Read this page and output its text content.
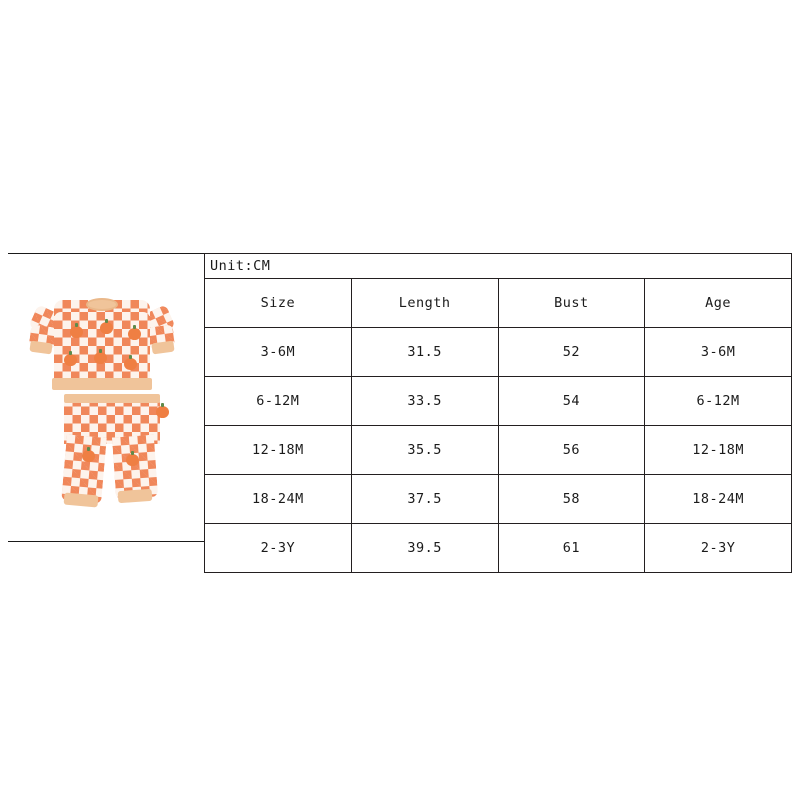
Unit:CM			
Size	Length	Bust	Age
3-6M	31.5	52	3-6M
6-12M	33.5	54	6-12M
12-18M	35.5	56	12-18M
18-24M	37.5	58	18-24M
2-3Y	39.5	61	2-3Y
